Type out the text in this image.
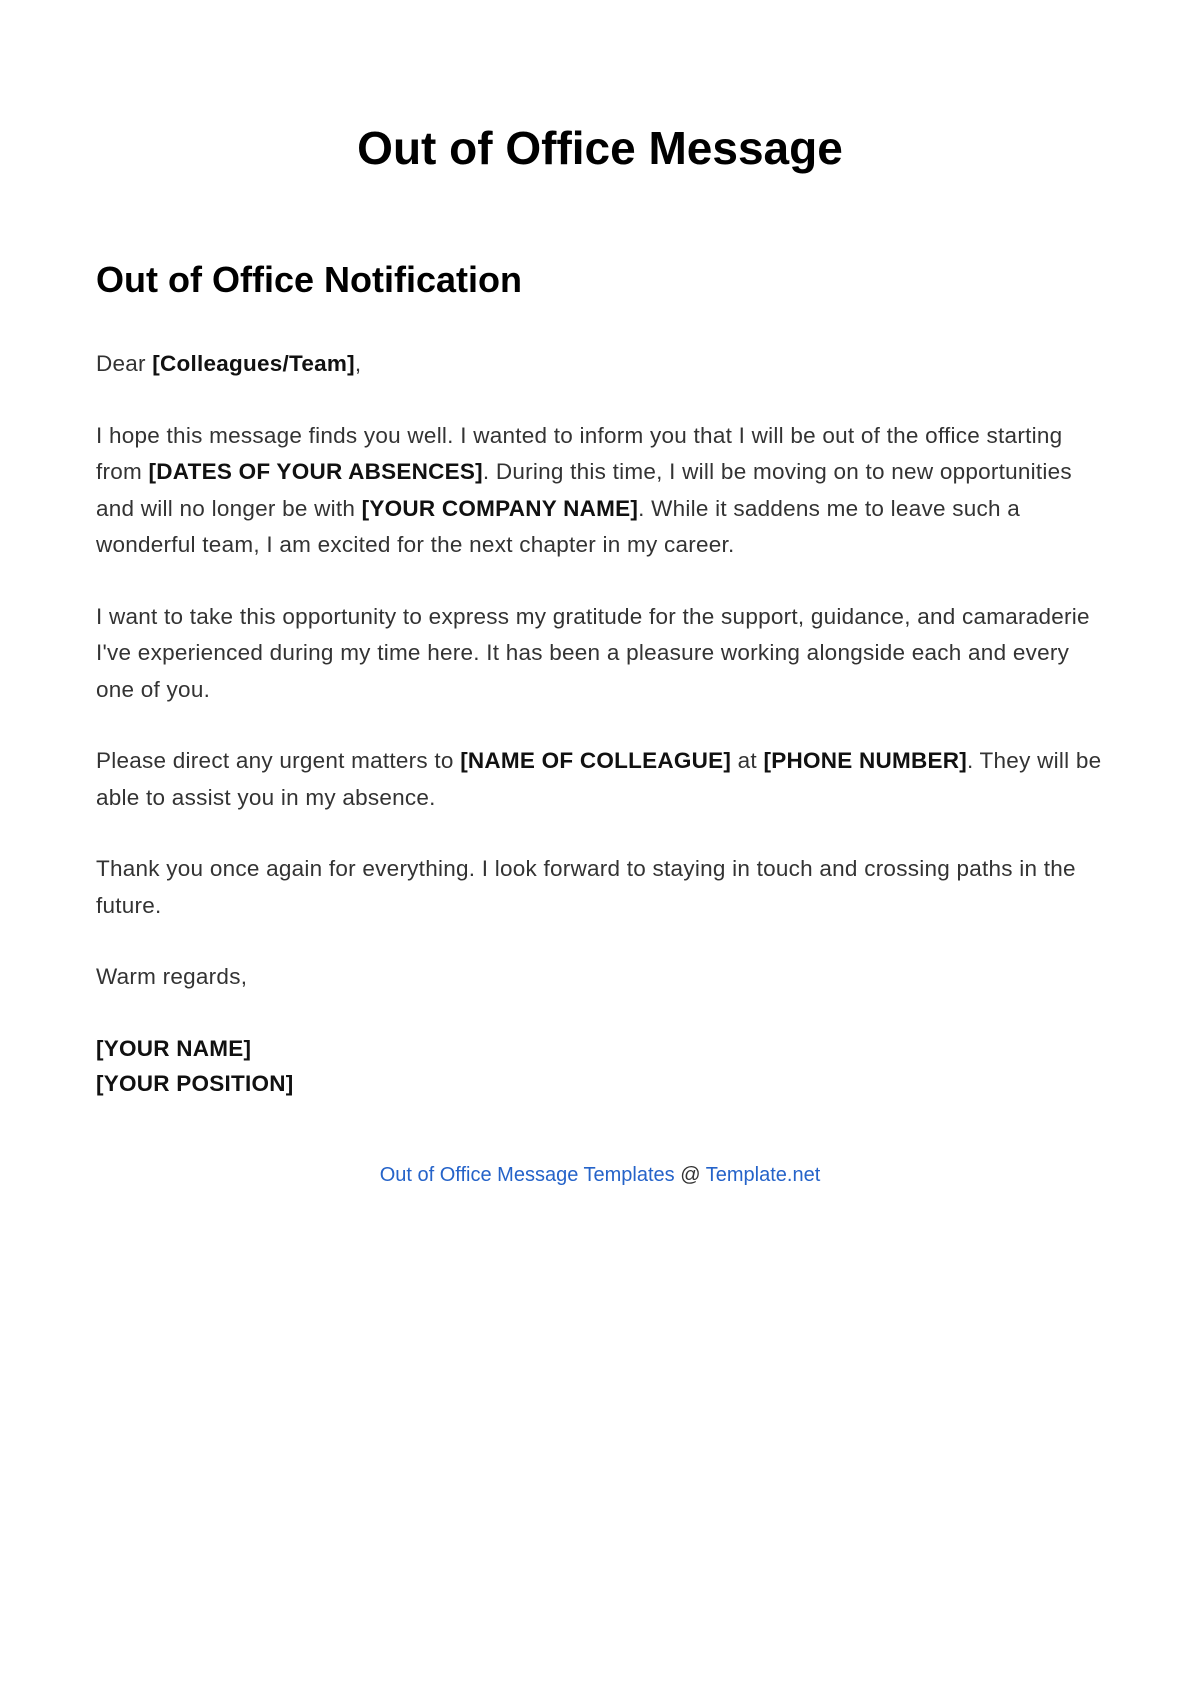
Out of Office Message
Out of Office Notification

Dear [Colleagues/Team],

I hope this message finds you well. I wanted to inform you that I will be out of the office starting from [DATES OF YOUR ABSENCES]. During this time, I will be moving on to new opportunities and will no longer be with [YOUR COMPANY NAME]. While it saddens me to leave such a wonderful team, I am excited for the next chapter in my career.

I want to take this opportunity to express my gratitude for the support, guidance, and camaraderie I've experienced during my time here. It has been a pleasure working alongside each and every one of you.

Please direct any urgent matters to [NAME OF COLLEAGUE] at [PHONE NUMBER]. They will be able to assist you in my absence.

Thank you once again for everything. I look forward to staying in touch and crossing paths in the future.

Warm regards,

[YOUR NAME]

[YOUR POSITION]

Out of Office Message Templates @ Template.net
